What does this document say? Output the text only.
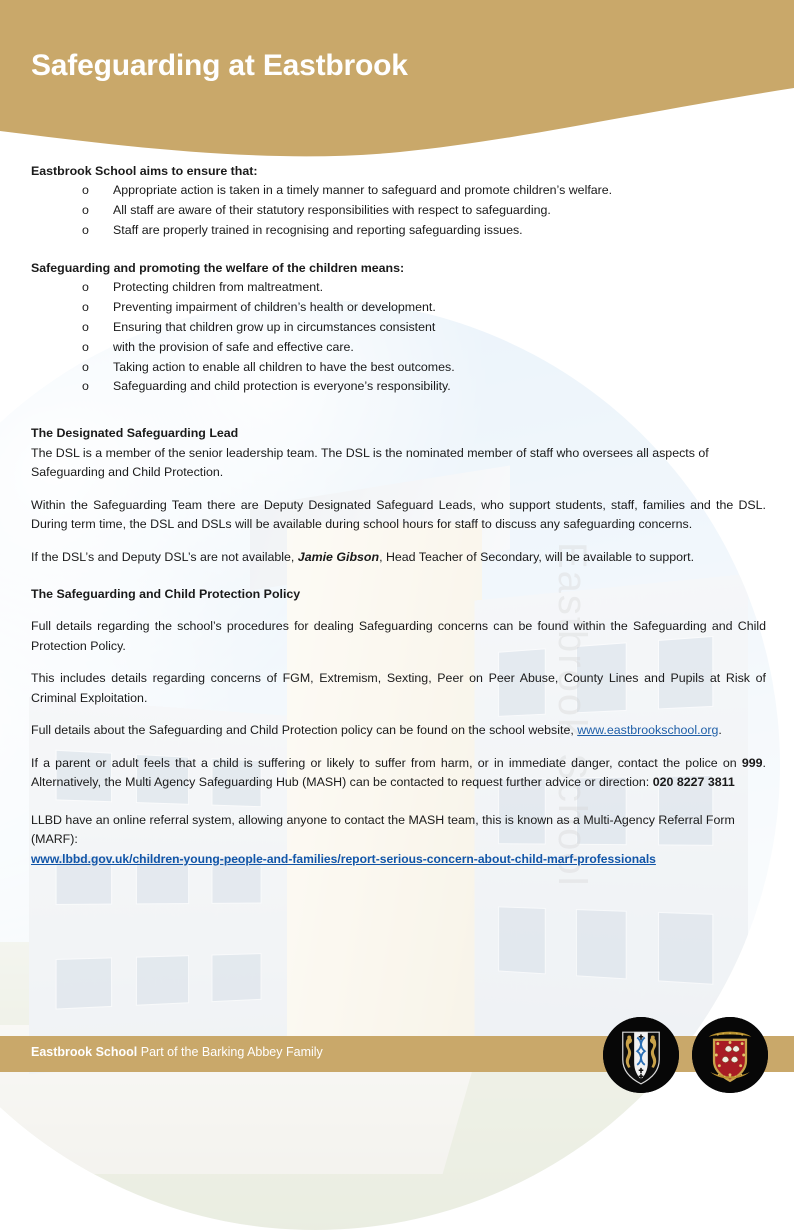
Eastbrook School
Safeguarding at Eastbrook
Eastbrook School aims to ensure that:
o Appropriate action is taken in a timely manner to safeguard and promote children’s welfare.
o All staff are aware of their statutory responsibilities with respect to safeguarding.
o Staff are properly trained in recognising and reporting safeguarding issues.
Safeguarding and promoting the welfare of the children means:
o Protecting children from maltreatment.
o Preventing impairment of children’s health or development.
o Ensuring that children grow up in circumstances consistent
o with the provision of safe and effective care.
o Taking action to enable all children to have the best outcomes.
o Safeguarding and child protection is everyone’s responsibility.
The Designated Safeguarding Lead

The DSL is a member of the senior leadership team. The DSL is the nominated member of staff who oversees all aspects of Safeguarding and Child Protection.

Within the Safeguarding Team there are Deputy Designated Safeguard Leads, who support students, staff, families and the DSL. During term time, the DSL and DSLs will be available during school hours for staff to discuss any safeguarding concerns.

If the DSL’s and Deputy DSL’s are not available, Jamie Gibson, Head Teacher of Secondary, will be available to support.

The Safeguarding and Child Protection Policy

Full details regarding the school’s procedures for dealing Safeguarding concerns can be found within the Safeguarding and Child Protection Policy.

This includes details regarding concerns of FGM, Extremism, Sexting, Peer on Peer Abuse, County Lines and Pupils at Risk of Criminal Exploitation.

Full details about the Safeguarding and Child Protection policy can be found on the school website, www.eastbrookschool.org.

If a parent or adult feels that a child is suffering or likely to suffer from harm, or in immediate danger, contact the police on 999. Alternatively, the Multi Agency Safeguarding Hub (MASH) can be contacted to request further advice or direction: 020 8227 3811

LLBD have an online referral system, allowing anyone to contact the MASH team, this is known as a Multi-Agency Referral Form (MARF):

www.lbbd.gov.uk/children-young-people-and-families/report-serious-concern-about-child-marf-professionals
Eastbrook School Part of the Barking Abbey Family
